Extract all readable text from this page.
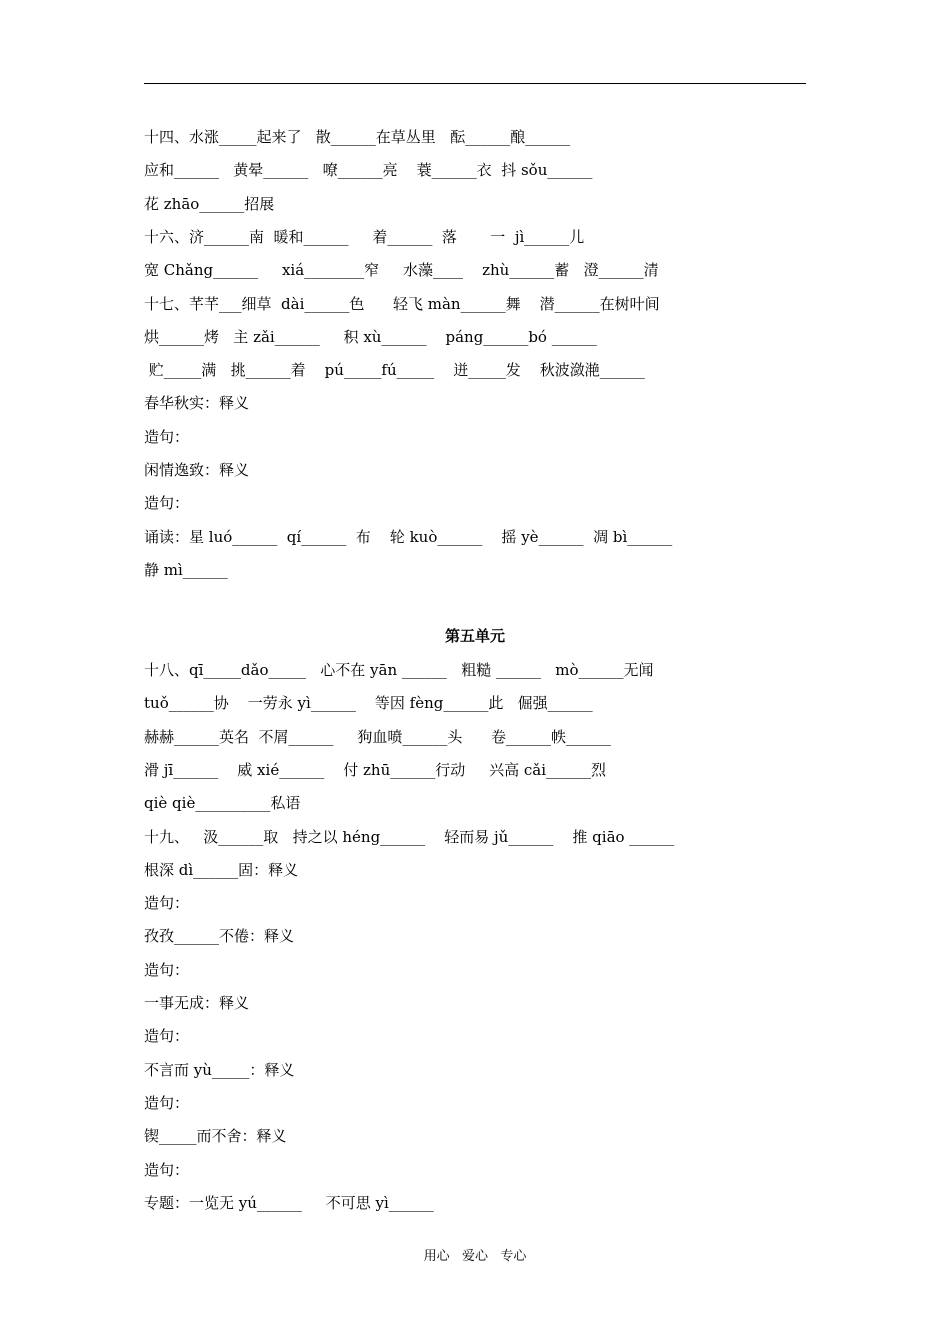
十四、水涨_____起来了   散______在草丛里   酝______酿______
应和______   黄晕______   嘹______亮    蓑______衣  抖 sǒu______
花 zhāo______招展
十六、济______南  暖和______     着______  落       一  jì______儿
宽 Chǎng______     xiá________窄     水藻____    zhù______蓄   澄______清
十七、芊芊___细草  dài______色      轻飞 màn______舞    潜______在树叶间
烘______烤   主 zǎi______     积 xù______    páng______bó ______
贮_____满   挑______着    pú_____fú_____    迸_____发    秋波潋滟______
春华秋实：释义
造句：
闲情逸致：释义
造句：
诵读：星 luó______  qí______  布    轮 kuò______    摇 yè______  凋 bì______
静 mì______
第五单元
十八、qī_____dǎo_____   心不在 yān ______   粗糙 ______   mò______无闻
tuǒ______协    一劳永 yì______    等因 fèng______此   倔强______
赫赫______英名  不屑______     狗血喷______头      卷______帙______
滑 jī______    威 xié______    付 zhū______行动     兴高 cǎi______烈
qiè qiè__________私语
十九、   汲______取   持之以 héng______    轻而易 jǔ______    推 qiāo ______
根深 dì______固：释义
造句：
孜孜______不倦：释义
造句：
一事无成：释义
造句：
不言而 yù_____：释义
造句：
锲_____而不舍：释义
造句：
专题：一览无 yú______     不可思 yì______
用心   爱心   专心
